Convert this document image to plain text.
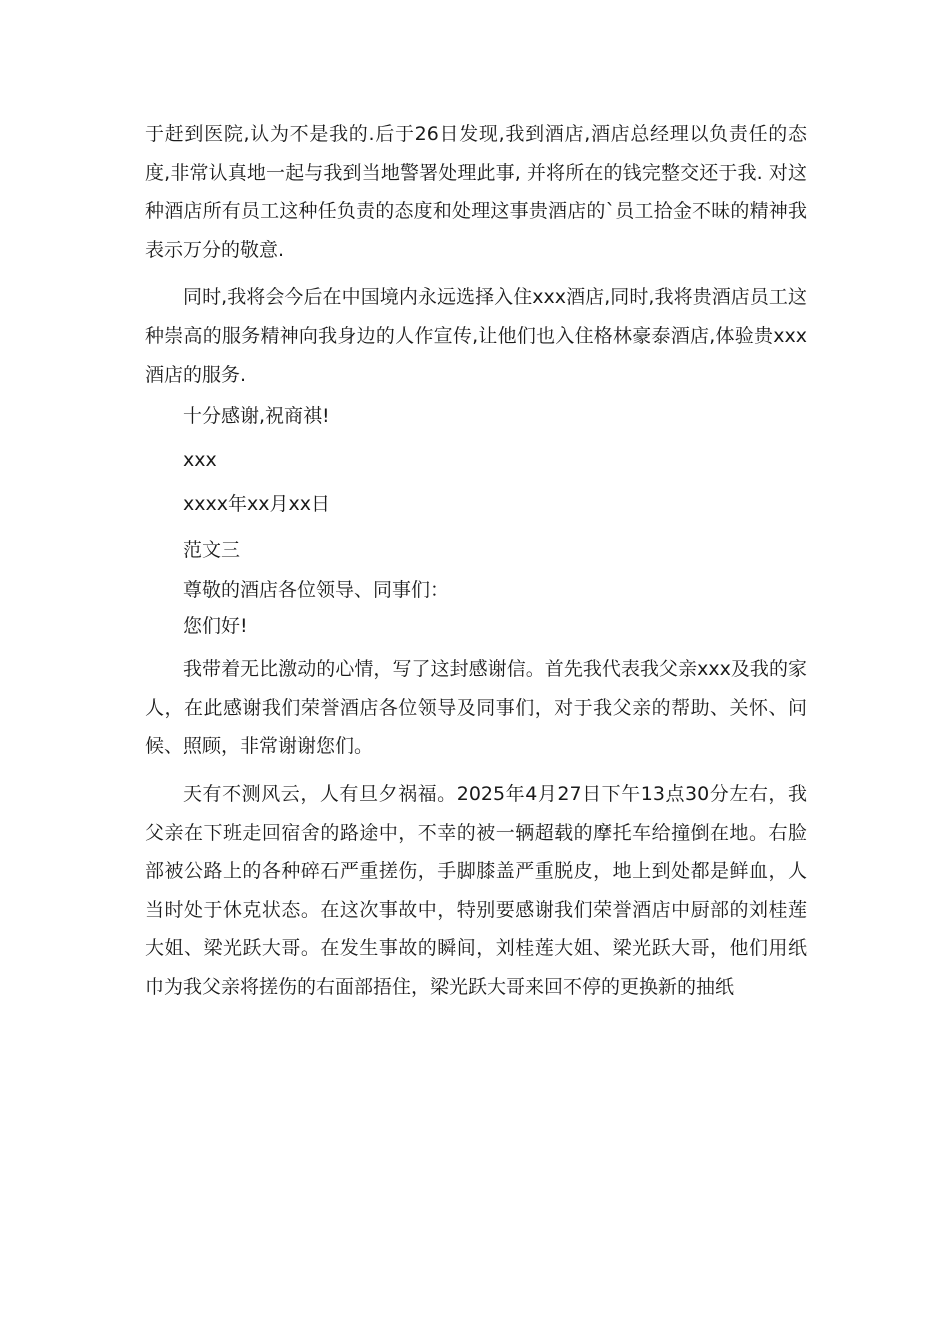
于赶到医院,认为不是我的.后于26日发现,我到酒店,酒店总经理以负责任的态度,非常认真地一起与我到当地警署处理此事, 并将所在的钱完整交还于我. 对这种酒店所有员工这种任负责的态度和处理这事贵酒店的`员工拾金不昧的精神我表示万分的敬意.

同时,我将会今后在中国境内永远选择入住xxx酒店,同时,我将贵酒店员工这种崇高的服务精神向我身边的人作宣传,让他们也入住格林豪泰酒店,体验贵xxx酒店的服务.

十分感谢,祝商祺!

xxx

xxxx年xx月xx日

范文三

尊敬的酒店各位领导、同事们：

您们好!

我带着无比激动的心情，写了这封感谢信。首先我代表我父亲xxx及我的家人，在此感谢我们荣誉酒店各位领导及同事们，对于我父亲的帮助、关怀、问候、照顾，非常谢谢您们。

天有不测风云，人有旦夕祸福。2025年4月27日下午13点30分左右，我父亲在下班走回宿舍的路途中，不幸的被一辆超载的摩托车给撞倒在地。右脸部被公路上的各种碎石严重搓伤，手脚膝盖严重脱皮，地上到处都是鲜血，人当时处于休克状态。在这次事故中，特别要感谢我们荣誉酒店中厨部的刘桂莲大姐、梁光跃大哥。在发生事故的瞬间，刘桂莲大姐、梁光跃大哥，他们用纸巾为我父亲将搓伤的右面部捂住，梁光跃大哥来回不停的更换新的抽纸
